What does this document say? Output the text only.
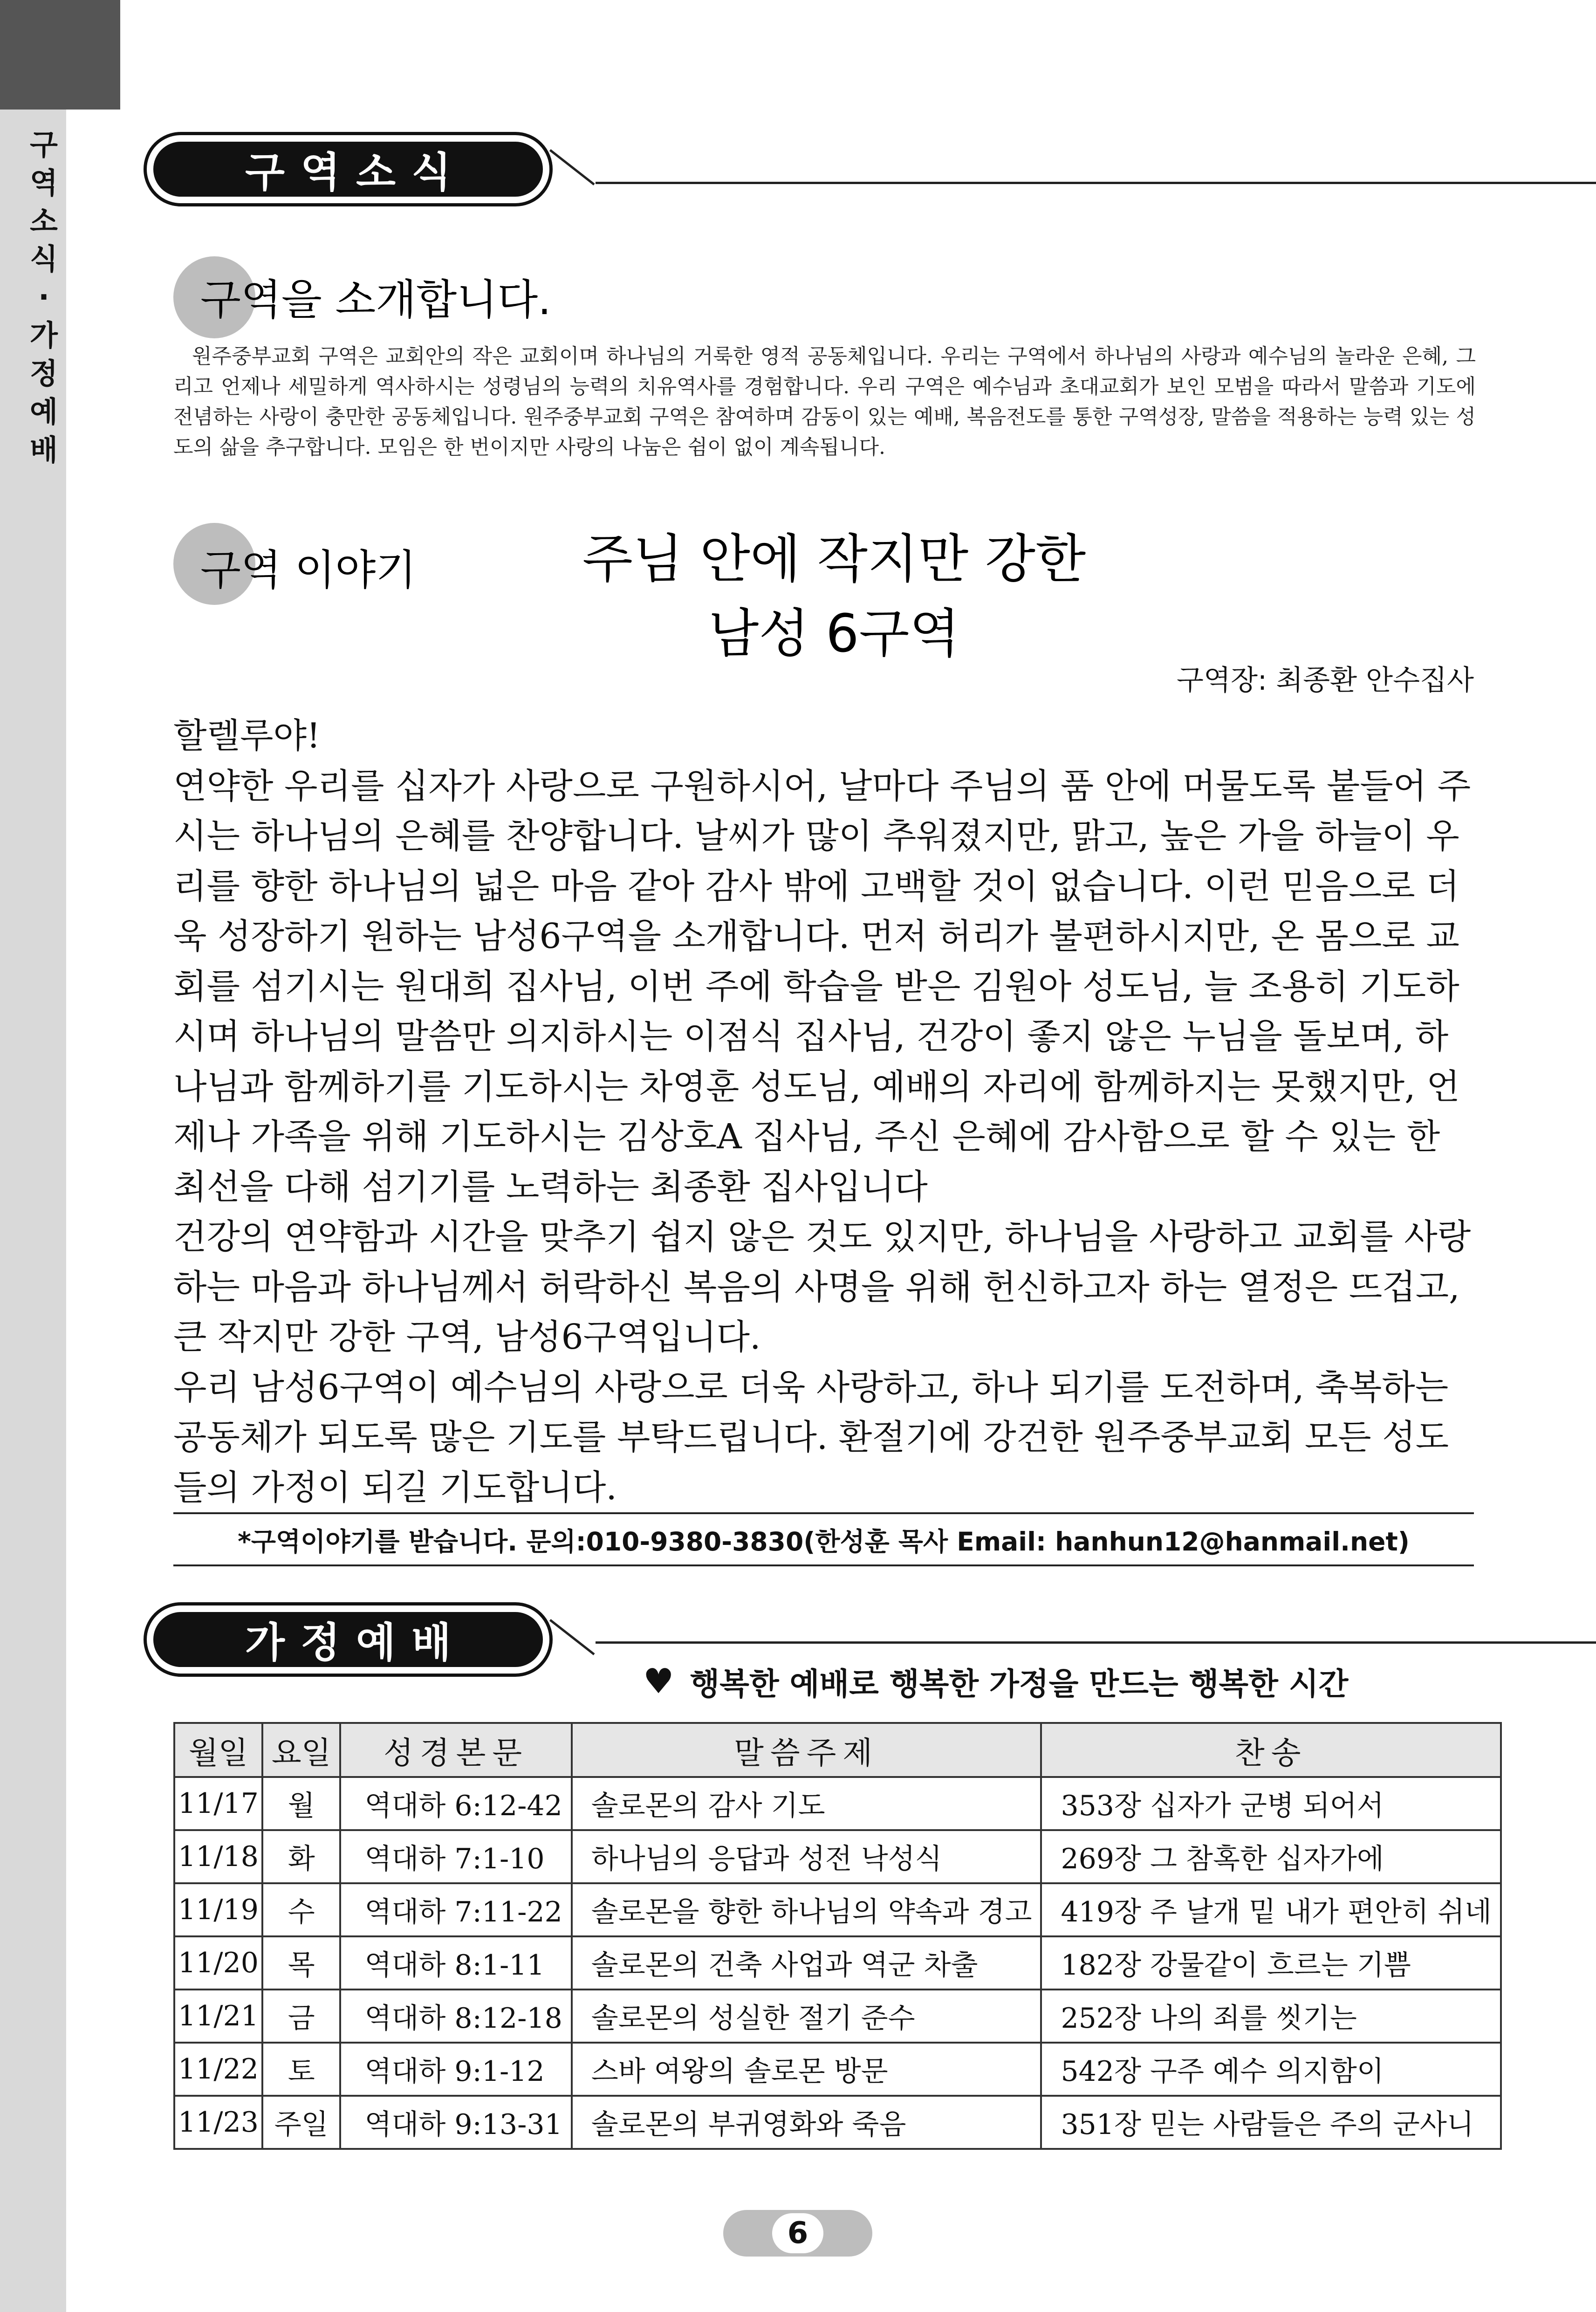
구
역
소
식
·
가
정
예
배
구역소식
구역을 소개합니다.
원주중부교회 구역은 교회안의 작은 교회이며 하나님의 거룩한 영적 공동체입니다. 우리는 구역에서 하나님의 사랑과 예수님의 놀라운 은혜, 그리고 언제나 세밀하게 역사하시는 성령님의 능력의 치유역사를 경험합니다. 우리 구역은 예수님과 초대교회가 보인 모범을 따라서 말씀과 기도에 전념하는 사랑이 충만한 공동체입니다. 원주중부교회 구역은 참여하며 감동이 있는 예배, 복음전도를 통한 구역성장, 말씀을 적용하는 능력 있는 성도의 삶을 추구합니다. 모임은 한 번이지만 사랑의 나눔은 쉼이 없이 계속됩니다.
구역 이야기	주님 안에 작지만 강한
남성 6구역
구역장: 최종환 안수집사

할렐루야!

연약한 우리를 십자가 사랑으로 구원하시어, 날마다 주님의 품 안에 머물도록 붙들어 주시는 하나님의 은혜를 찬양합니다. 날씨가 많이 추워졌지만, 맑고, 높은 가을 하늘이 우리를 향한 하나님의 넓은 마음 같아 감사 밖에 고백할 것이 없습니다. 이런 믿음으로 더욱 성장하기 원하는 남성6구역을 소개합니다. 먼저 허리가 불편하시지만, 온 몸으로 교회를 섬기시는 원대희 집사님, 이번 주에 학습을 받은 김원아 성도님, 늘 조용히 기도하시며 하나님의 말씀만 의지하시는 이점식 집사님, 건강이 좋지 않은 누님을 돌보며, 하나님과 함께하기를 기도하시는 차영훈 성도님, 예배의 자리에 함께하지는 못했지만, 언제나 가족을 위해 기도하시는 김상호A 집사님, 주신 은혜에 감사함으로 할 수 있는 한 최선을 다해 섬기기를 노력하는 최종환 집사입니다

건강의 연약함과 시간을 맞추기 쉽지 않은 것도 있지만, 하나님을 사랑하고 교회를 사랑하는 마음과 하나님께서 허락하신 복음의 사명을 위해 헌신하고자 하는 열정은 뜨겁고, 큰 작지만 강한 구역, 남성6구역입니다.

우리 남성6구역이 예수님의 사랑으로 더욱 사랑하고, 하나 되기를 도전하며, 축복하는 공동체가 되도록 많은 기도를 부탁드립니다. 환절기에 강건한 원주중부교회 모든 성도들의 가정이 되길 기도합니다.

*구역이야기를 받습니다. 문의:010-9380-3830(한성훈 목사 Email: hanhun12@hanmail.net)
가정예배
♥ 행복한 예배로 행복한 가정을 만드는 행복한 시간
월일	요일	성경본문	말씀주제	찬송
11/17	월	역대하 6:12-42	솔로몬의 감사 기도	353장 십자가 군병 되어서
11/18	화	역대하 7:1-10	하나님의 응답과 성전 낙성식	269장 그 참혹한 십자가에
11/19	수	역대하 7:11-22	솔로몬을 향한 하나님의 약속과 경고	419장 주 날개 밑 내가 편안히 쉬네
11/20	목	역대하 8:1-11	솔로몬의 건축 사업과 역군 차출	182장 강물같이 흐르는 기쁨
11/21	금	역대하 8:12-18	솔로몬의 성실한 절기 준수	252장 나의 죄를 씻기는
11/22	토	역대하 9:1-12	스바 여왕의 솔로몬 방문	542장 구주 예수 의지함이
11/23	주일	역대하 9:13-31	솔로몬의 부귀영화와 죽음	351장 믿는 사람들은 주의 군사니
6
